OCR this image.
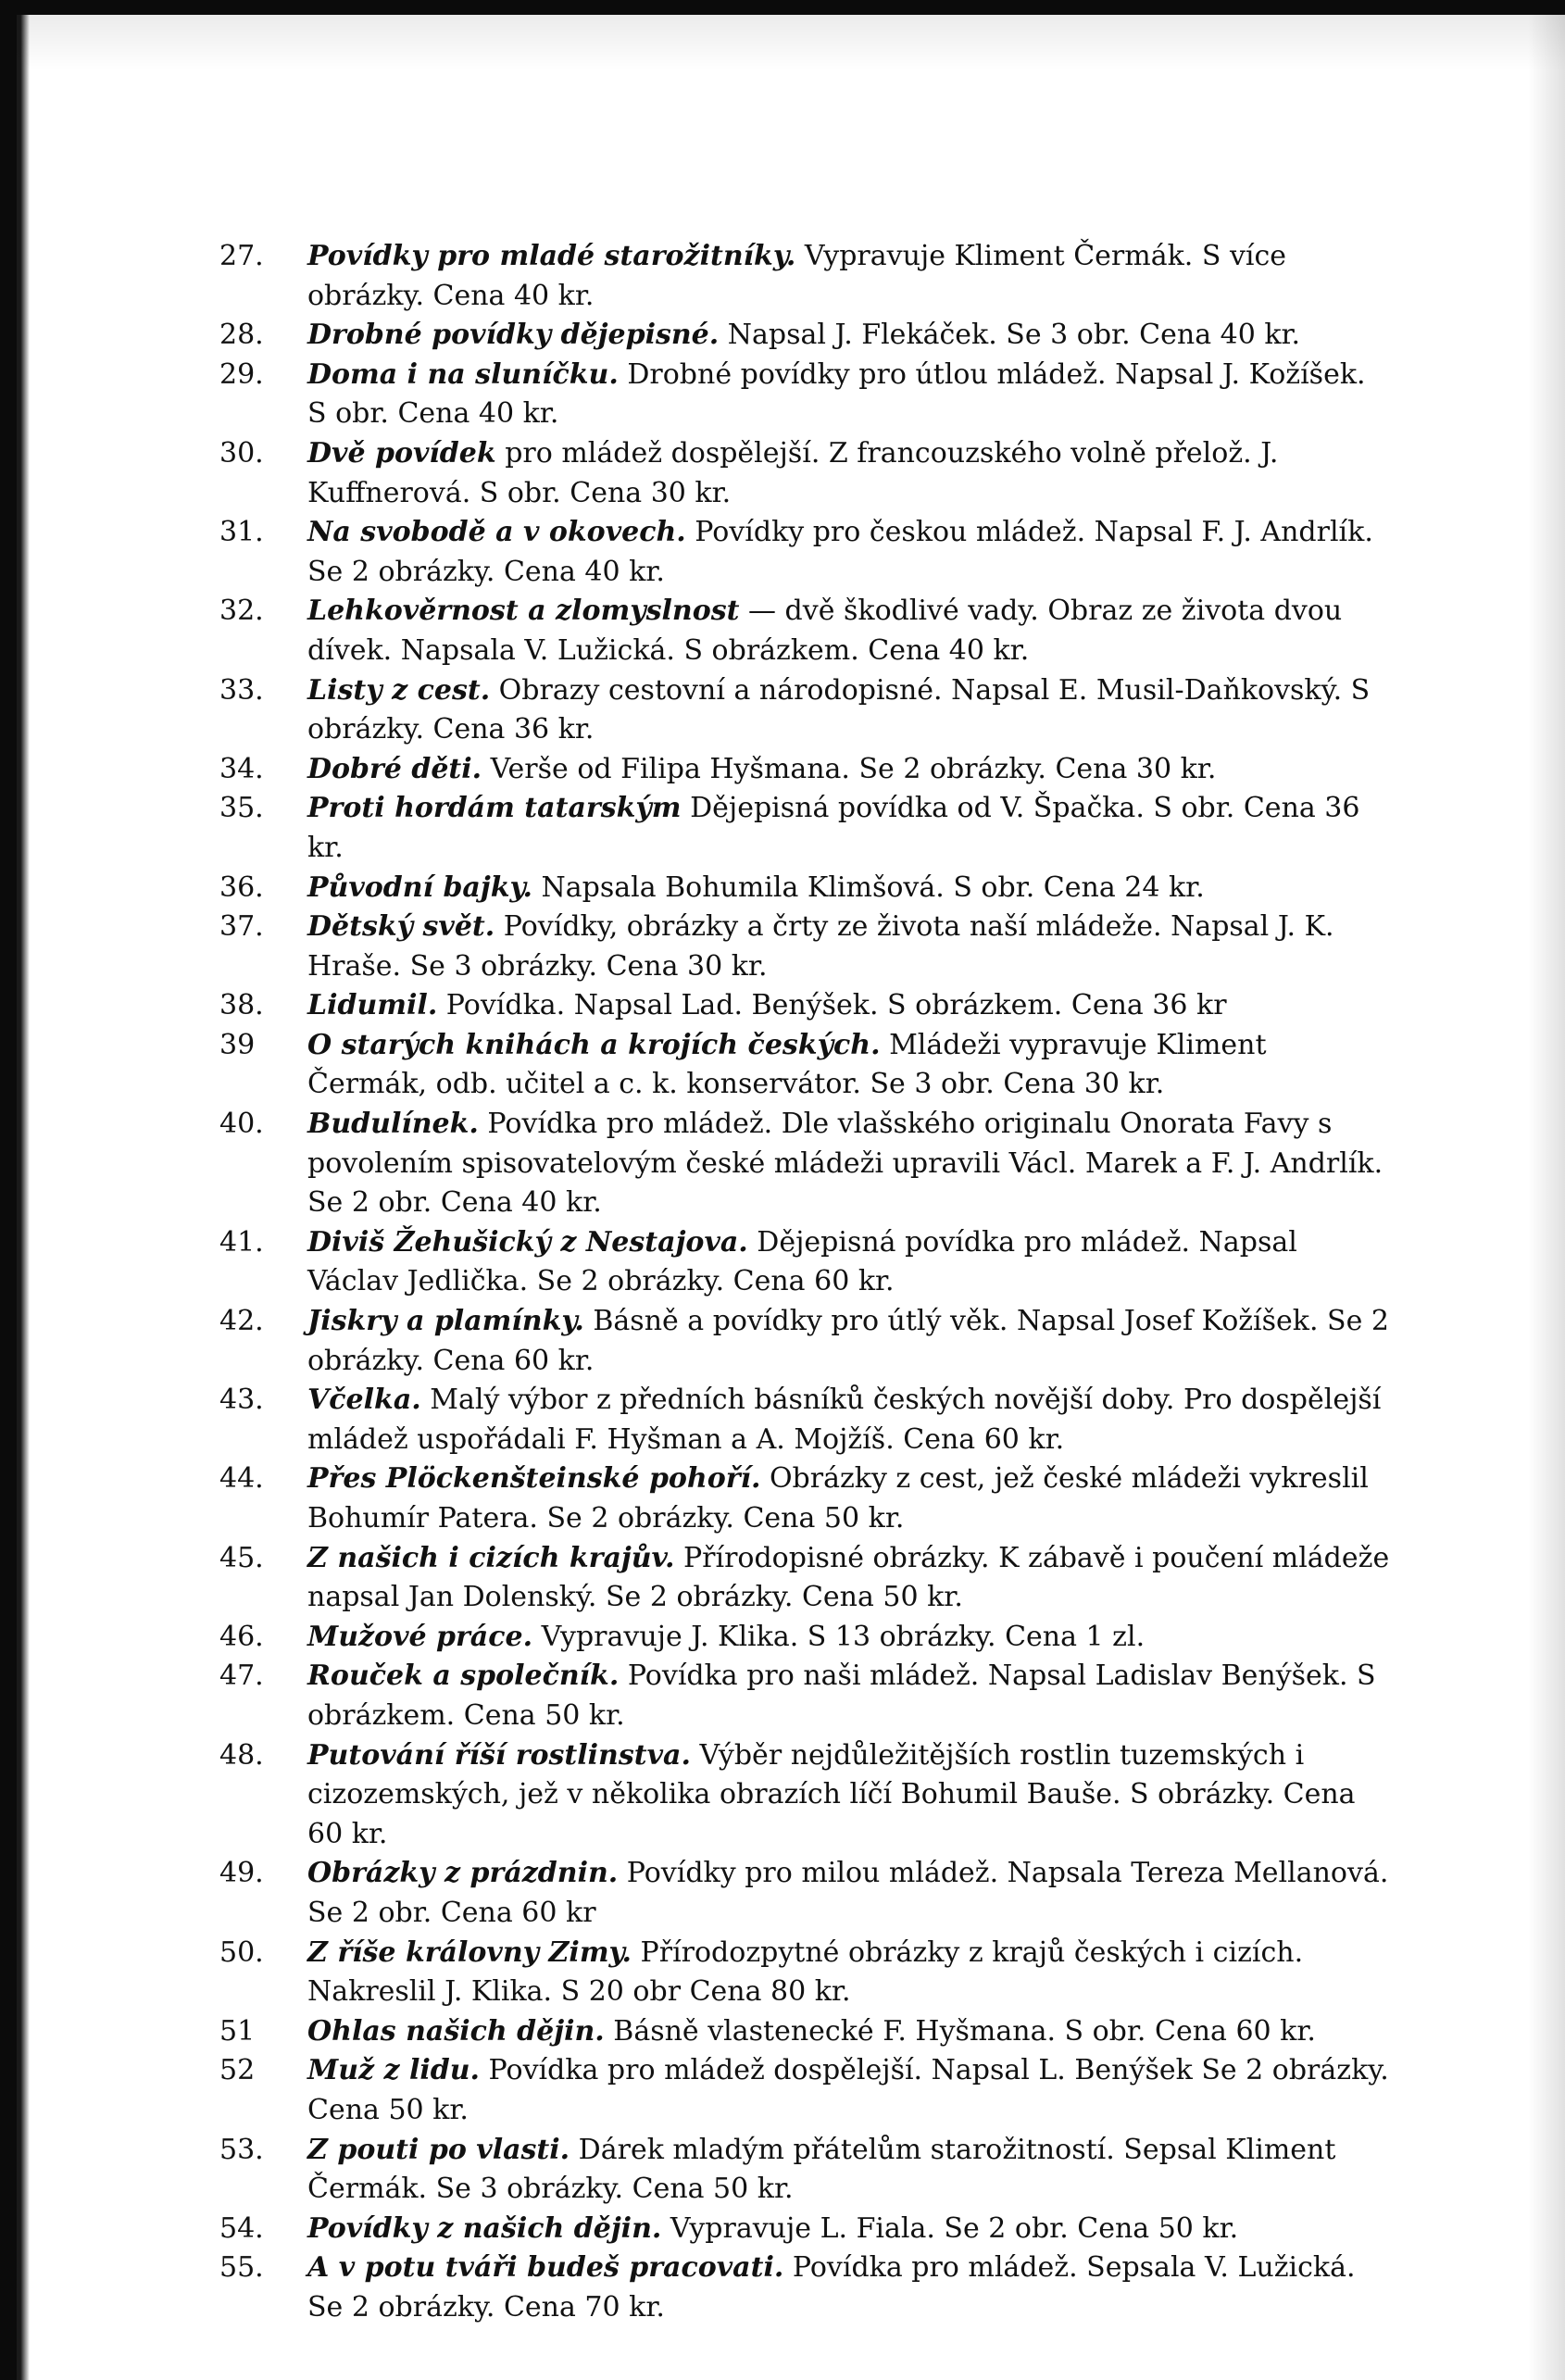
27.	Povídky pro mladé starožitníky. Vypravuje Kliment Čermák. S více obrázky. Cena 40 kr.
28.	Drobné povídky dějepisné. Napsal J. Flekáček. Se 3 obr. Cena 40 kr.
29.	Doma i na sluníčku. Drobné povídky pro útlou mládež. Napsal J. Kožíšek. S obr. Cena 40 kr.
30.	Dvě povídek pro mládež dospělejší. Z francouzského volně přelož. J. Kuffnerová. S obr. Cena 30 kr.
31.	Na svobodě a v okovech. Povídky pro českou mládež. Napsal F. J. Andrlík. Se 2 obrázky. Cena 40 kr.
32.	Lehkověrnost a zlomyslnost — dvě škodlivé vady. Obraz ze života dvou dívek. Napsala V. Lužická. S obrázkem. Cena 40 kr.
33.	Listy z cest. Obrazy cestovní a národopisné. Napsal E. Musil-Daňkovský. S obrázky. Cena 36 kr.
34.	Dobré děti. Verše od Filipa Hyšmana. Se 2 obrázky. Cena 30 kr.
35.	Proti hordám tatarským Dějepisná povídka od V. Špačka. S obr. Cena 36 kr.
36.	Původní bajky. Napsala Bohumila Klimšová. S obr. Cena 24 kr.
37.	Dětský svět. Povídky, obrázky a črty ze života naší mládeže. Napsal J. K. Hraše. Se 3 obrázky. Cena 30 kr.
38.	Lidumil. Povídka. Napsal Lad. Benýšek. S obrázkem. Cena 36 kr
39	O starých knihách a krojích českých. Mládeži vypravuje Kliment Čermák, odb. učitel a c. k. konservátor. Se 3 obr. Cena 30 kr.
40.	Budulínek. Povídka pro mládež. Dle vlašského originalu Onorata Favy s povolením spisovatelovým české mládeži upravili Václ. Marek a F. J. Andrlík. Se 2 obr. Cena 40 kr.
41.	Diviš Žehušický z Nestajova. Dějepisná povídka pro mládež. Napsal Václav Jedlička. Se 2 obrázky. Cena 60 kr.
42.	Jiskry a plamínky. Básně a povídky pro útlý věk. Napsal Josef Kožíšek. Se 2 obrázky. Cena 60 kr.
43.	Včelka. Malý výbor z předních básníků českých novější doby. Pro dospělejší mládež uspořádali F. Hyšman a A. Mojžíš. Cena 60 kr.
44.	Přes Plöckenšteinské pohoří. Obrázky z cest, jež české mládeži vykreslil Bohumír Patera. Se 2 obrázky. Cena 50 kr.
45.	Z našich i cizích krajův. Přírodopisné obrázky. K zábavě i poučení mládeže napsal Jan Dolenský. Se 2 obrázky. Cena 50 kr.
46.	Mužové práce. Vypravuje J. Klika. S 13 obrázky. Cena 1 zl.
47.	Rouček a společník. Povídka pro naši mládež. Napsal Ladislav Benýšek. S obrázkem. Cena 50 kr.
48.	Putování říší rostlinstva. Výběr nejdůležitějších rostlin tuzemských i cizozemských, jež v několika obrazích líčí Bohumil Bauše. S obrázky. Cena 60 kr.
49.	Obrázky z prázdnin. Povídky pro milou mládež. Napsala Tereza Mellanová. Se 2 obr. Cena 60 kr
50.	Z říše královny Zimy. Přírodozpytné obrázky z krajů českých i cizích. Nakreslil J. Klika. S 20 obr Cena 80 kr.
51	Ohlas našich dějin. Básně vlastenecké F. Hyšmana. S obr. Cena 60 kr.
52	Muž z lidu. Povídka pro mládež dospělejší. Napsal L. Benýšek Se 2 obrázky. Cena 50 kr.
53.	Z pouti po vlasti. Dárek mladým přátelům starožitností. Sepsal Kliment Čermák. Se 3 obrázky. Cena 50 kr.
54.	Povídky z našich dějin. Vypravuje L. Fiala. Se 2 obr. Cena 50 kr.
55.	A v potu tváři budeš pracovati. Povídka pro mládež. Sepsala V. Lužická. Se 2 obrázky. Cena 70 kr.
